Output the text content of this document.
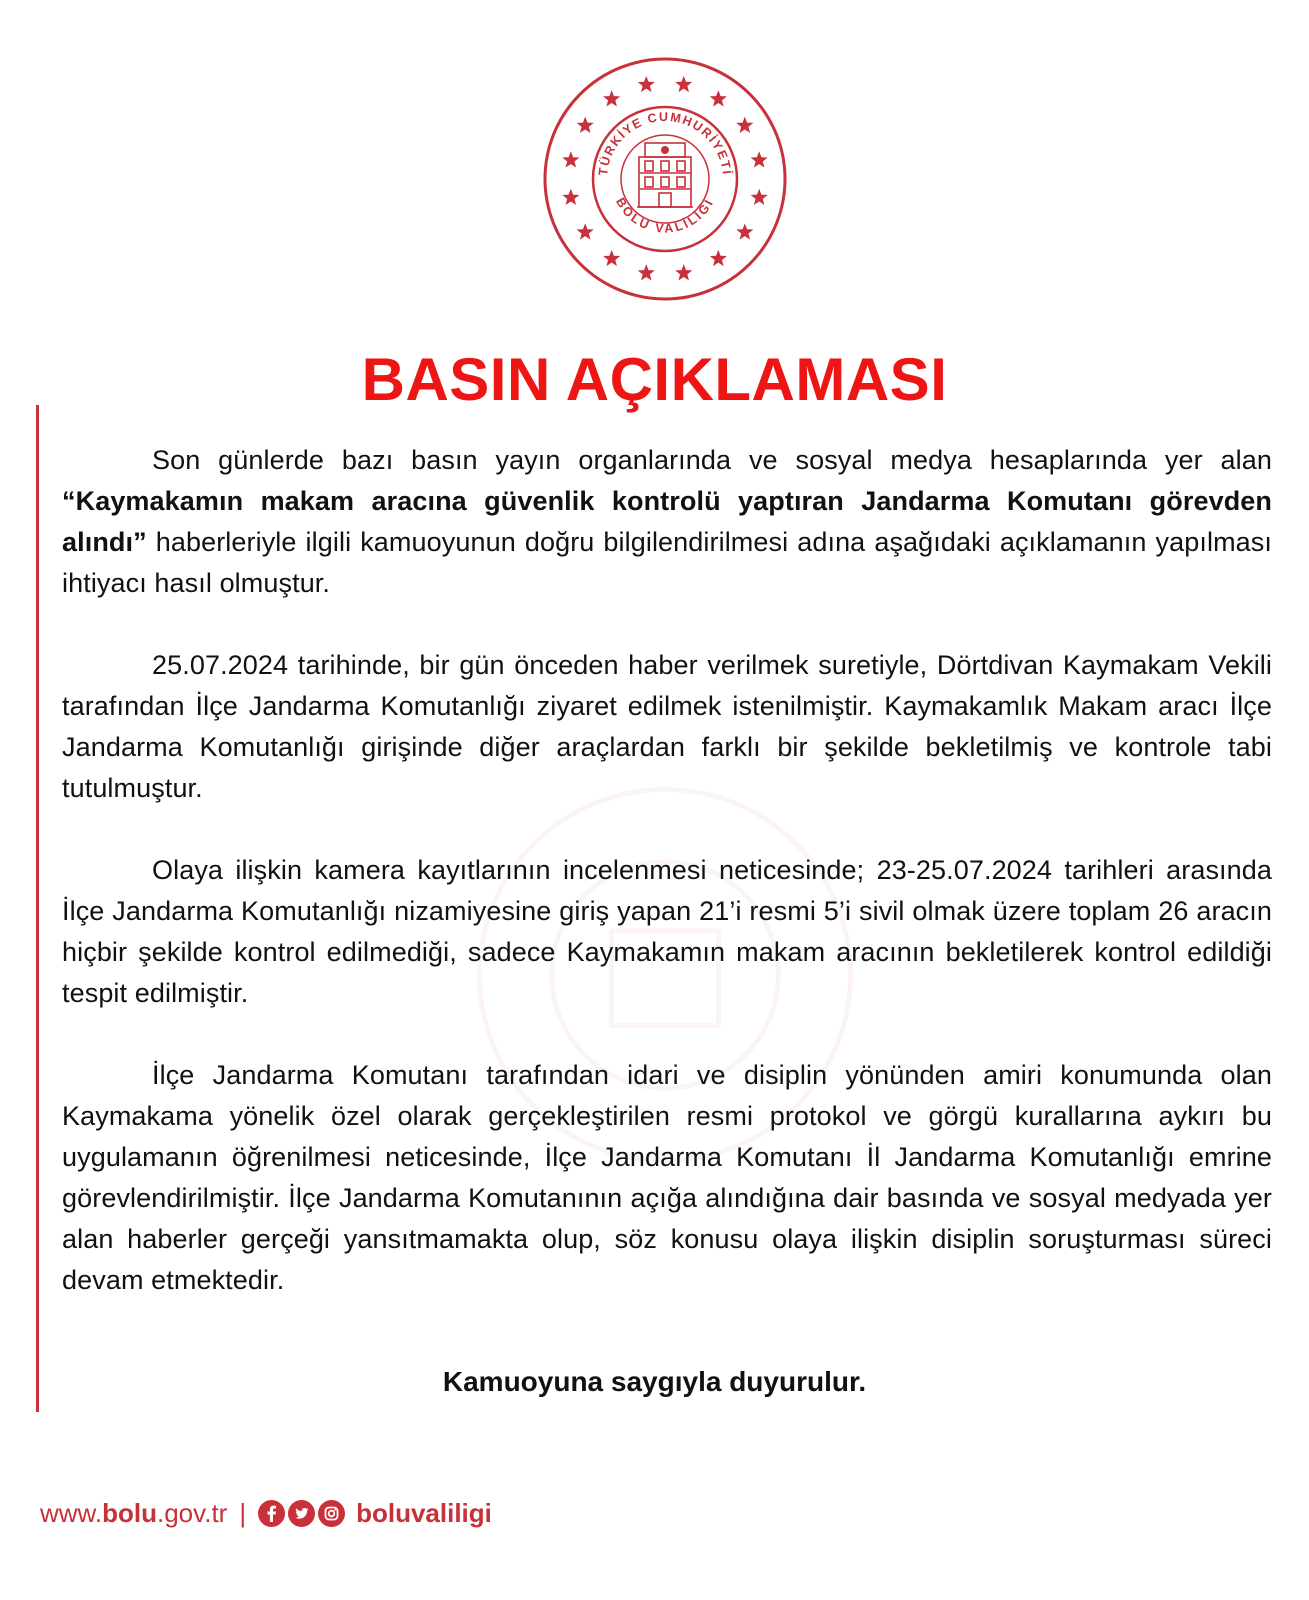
TÜRKİYE CUMHURİYETİ
BOLU VALİLİĞİ
BASIN AÇIKLAMASI

Son günlerde bazı basın yayın organlarında ve sosyal medya hesaplarında yer alan “Kaymakamın makam aracına güvenlik kontrolü yaptıran Jandarma Komutanı görevden alındı” haberleriyle ilgili kamuoyunun doğru bilgilendirilmesi adına aşağıdaki açıklamanın yapılması ihtiyacı hasıl olmuştur.

25.07.2024 tarihinde, bir gün önceden haber verilmek suretiyle, Dörtdivan Kaymakam Vekili tarafından İlçe Jandarma Komutanlığı ziyaret edilmek istenilmiştir. Kaymakamlık Makam aracı İlçe Jandarma Komutanlığı girişinde diğer araçlardan farklı bir şekilde bekletilmiş ve kontrole tabi tutulmuştur.

Olaya ilişkin kamera kayıtlarının incelenmesi neticesinde; 23-25.07.2024 tarihleri arasında İlçe Jandarma Komutanlığı nizamiyesine giriş yapan 21’i resmi 5’i sivil olmak üzere toplam 26 aracın hiçbir şekilde kontrol edilmediği, sadece Kaymakamın makam aracının bekletilerek kontrol edildiği tespit edilmiştir.

İlçe Jandarma Komutanı tarafından idari ve disiplin yönünden amiri konumunda olan Kaymakama yönelik özel olarak gerçekleştirilen resmi protokol ve görgü kurallarına aykırı bu uygulamanın öğrenilmesi neticesinde, İlçe Jandarma Komutanı İl Jandarma Komutanlığı emrine görevlendirilmiştir. İlçe Jandarma Komutanının açığa alındığına dair basında ve sosyal medyada yer alan haberler gerçeği yansıtmamakta olup, söz konusu olaya ilişkin disiplin soruşturması süreci devam etmektedir.

Kamuoyuna saygıyla duyurulur.
www.bolu.gov.tr |	boluvaliligi
